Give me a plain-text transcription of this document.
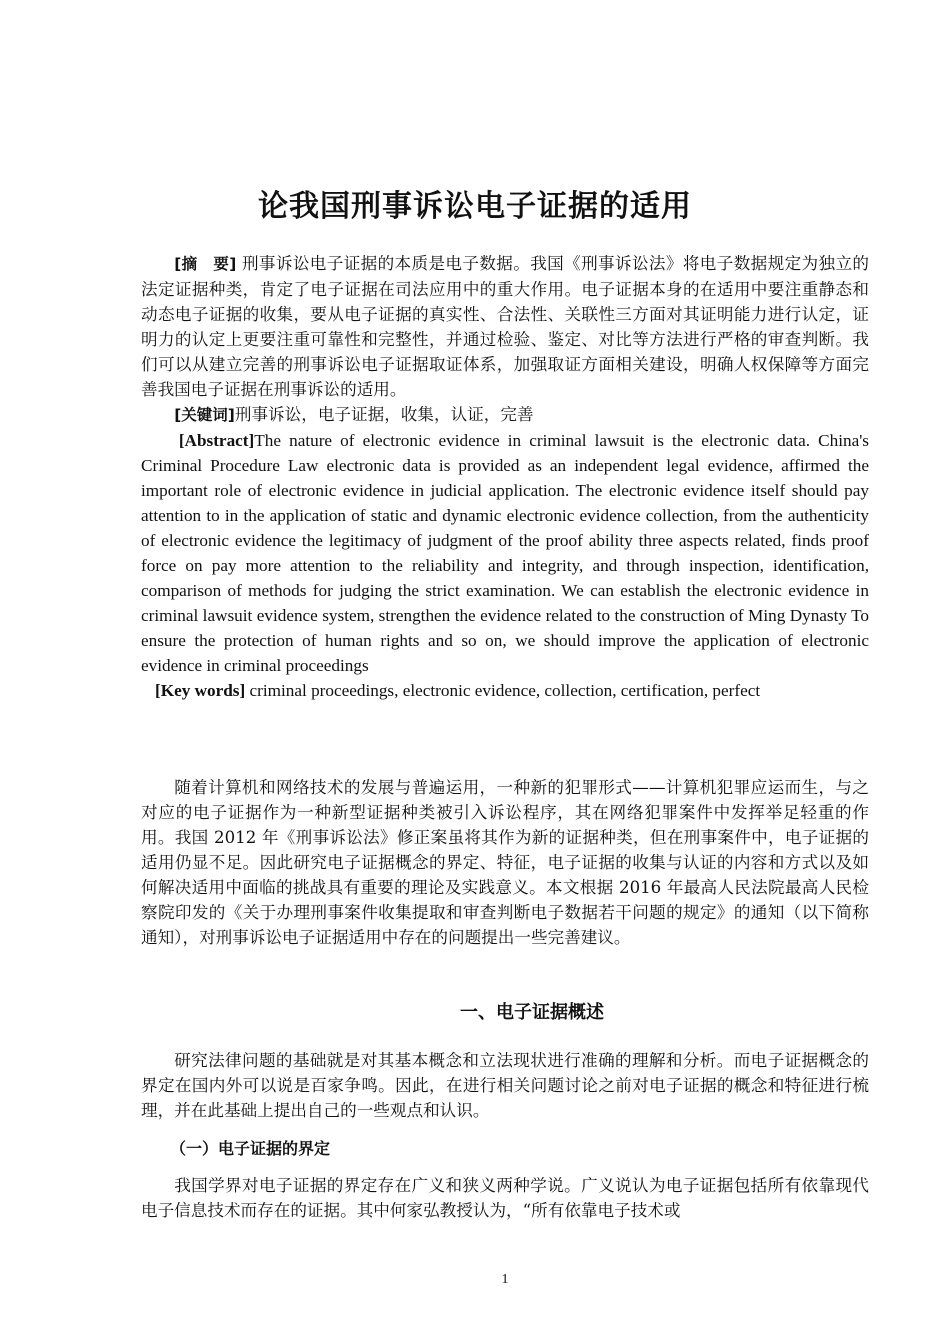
论我国刑事诉讼电子证据的适用

[摘　要] 刑事诉讼电子证据的本质是电子数据。我国《刑事诉讼法》将电子数据规定为独立的法定证据种类，肯定了电子证据在司法应用中的重大作用。电子证据本身的在适用中要注重静态和动态电子证据的收集，要从电子证据的真实性、合法性、关联性三方面对其证明能力进行认定，证明力的认定上更要注重可靠性和完整性，并通过检验、鉴定、对比等方法进行严格的审查判断。我们可以从建立完善的刑事诉讼电子证据取证体系，加强取证方面相关建设，明确人权保障等方面完善我国电子证据在刑事诉讼的适用。

[关键词]刑事诉讼，电子证据，收集，认证，完善

[Abstract]The nature of electronic evidence in criminal lawsuit is the electronic data. China's Criminal Procedure Law electronic data is provided as an independent legal evidence, affirmed the important role of electronic evidence in judicial application. The electronic evidence itself should pay attention to in the application of static and dynamic electronic evidence collection, from the authenticity of electronic evidence the legitimacy of judgment of the proof ability three aspects related, finds proof force on pay more attention to the reliability and integrity, and through inspection, identification, comparison of methods for judging the strict examination. We can establish the electronic evidence in criminal lawsuit evidence system, strengthen the evidence related to the construction of Ming Dynasty To ensure the protection of human rights and so on, we should improve the application of electronic evidence in criminal proceedings

[Key words] criminal proceedings, electronic evidence, collection, certification, perfect

随着计算机和网络技术的发展与普遍运用，一种新的犯罪形式——计算机犯罪应运而生，与之对应的电子证据作为一种新型证据种类被引入诉讼程序，其在网络犯罪案件中发挥举足轻重的作用。我国 2012 年《刑事诉讼法》修正案虽将其作为新的证据种类，但在刑事案件中，电子证据的适用仍显不足。因此研究电子证据概念的界定、特征，电子证据的收集与认证的内容和方式以及如何解决适用中面临的挑战具有重要的理论及实践意义。本文根据 2016 年最高人民法院最高人民检察院印发的《关于办理刑事案件收集提取和审查判断电子数据若干问题的规定》的通知（以下简称通知），对刑事诉讼电子证据适用中存在的问题提出一些完善建议。

一、电子证据概述

研究法律问题的基础就是对其基本概念和立法现状进行准确的理解和分析。而电子证据概念的界定在国内外可以说是百家争鸣。因此，在进行相关问题讨论之前对电子证据的概念和特征进行梳理，并在此基础上提出自己的一些观点和认识。

（一）电子证据的界定

我国学界对电子证据的界定存在广义和狭义两种学说。广义说认为电子证据包括所有依靠现代电子信息技术而存在的证据。其中何家弘教授认为，“所有依靠电子技术或

1
